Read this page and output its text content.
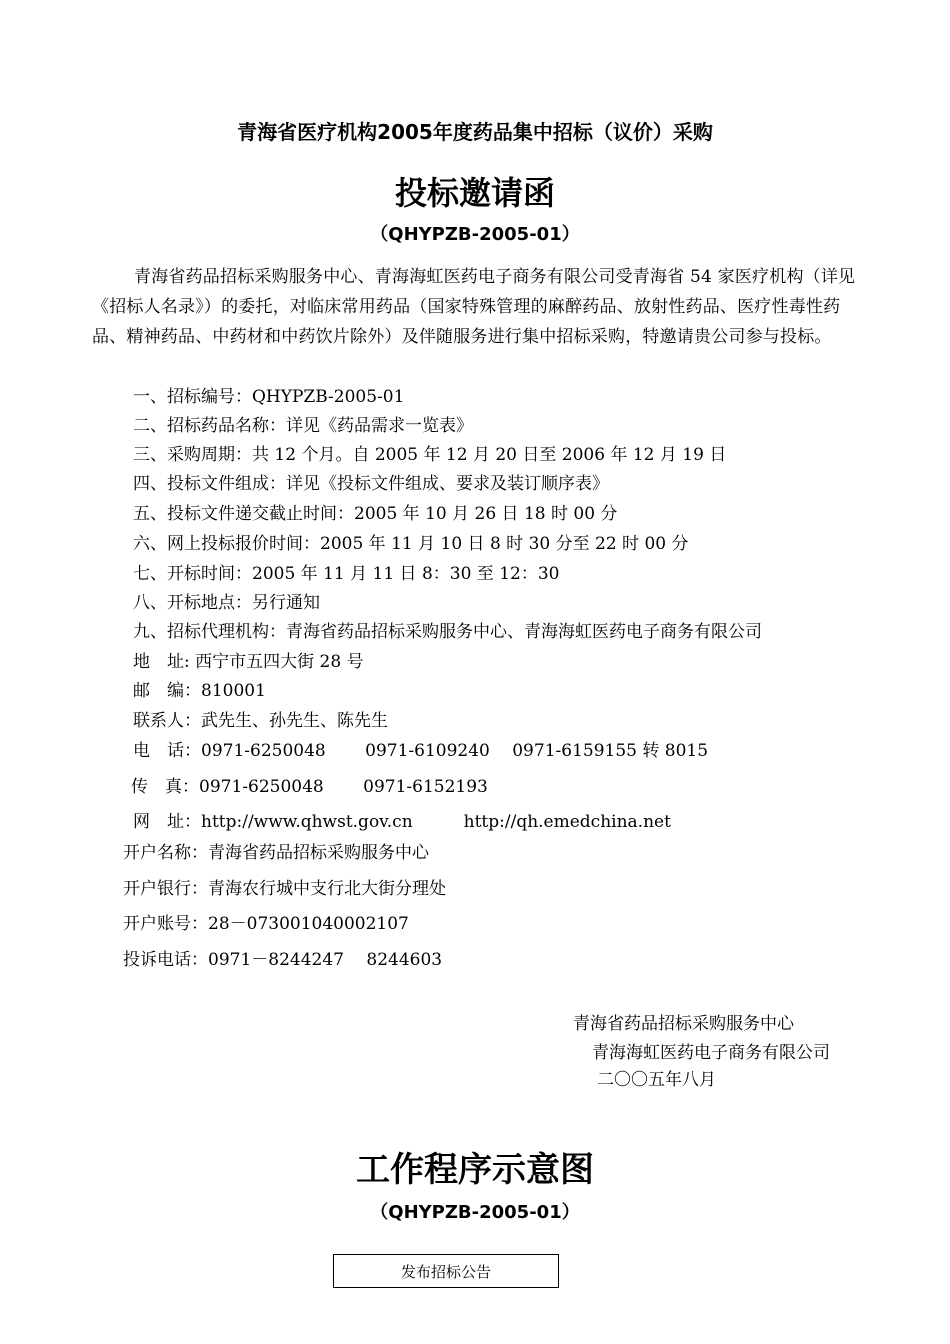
青海省医疗机构2005年度药品集中招标（议价）采购
投标邀请函
（QHYPZB-2005-01）
青海省药品招标采购服务中心、青海海虹医药电子商务有限公司受青海省 54 家医疗机构（详见《招标人名录》）的委托，对临床常用药品（国家特殊管理的麻醉药品、放射性药品、医疗性毒性药品、精神药品、中药材和中药饮片除外）及伴随服务进行集中招标采购，特邀请贵公司参与投标。
一、招标编号：QHYPZB-2005-01
二、招标药品名称：详见《药品需求一览表》
三、采购周期：共 12 个月。自 2005 年 12 月 20 日至 2006 年 12 月 19 日
四、投标文件组成：详见《投标文件组成、要求及装订顺序表》
五、投标文件递交截止时间：2005 年 10 月 26 日 18 时 00 分
六、网上投标报价时间：2005 年 11 月 10 日 8 时 30 分至 22 时 00 分
七、开标时间：2005 年 11 月 11 日 8：30 至 12：30
八、开标地点：另行通知
九、招标代理机构：青海省药品招标采购服务中心、青海海虹医药电子商务有限公司
地　址: 西宁市五四大街 28 号
邮　编：810001
联系人：武先生、孙先生、陈先生
电　话：0971-6250048　　 0971-6109240　 0971-6159155 转 8015
传　真：0971-6250048　　 0971-6152193
网　址：http://www.qhwst.gov.cn　　　http://qh.emedchina.net
开户名称：青海省药品招标采购服务中心
开户银行：青海农行城中支行北大街分理处
开户账号：28－073001040002107
投诉电话：0971－8244247　 8244603
青海省药品招标采购服务中心
青海海虹医药电子商务有限公司
二〇〇五年八月
工作程序示意图
（QHYPZB-2005-01）
发布招标公告
